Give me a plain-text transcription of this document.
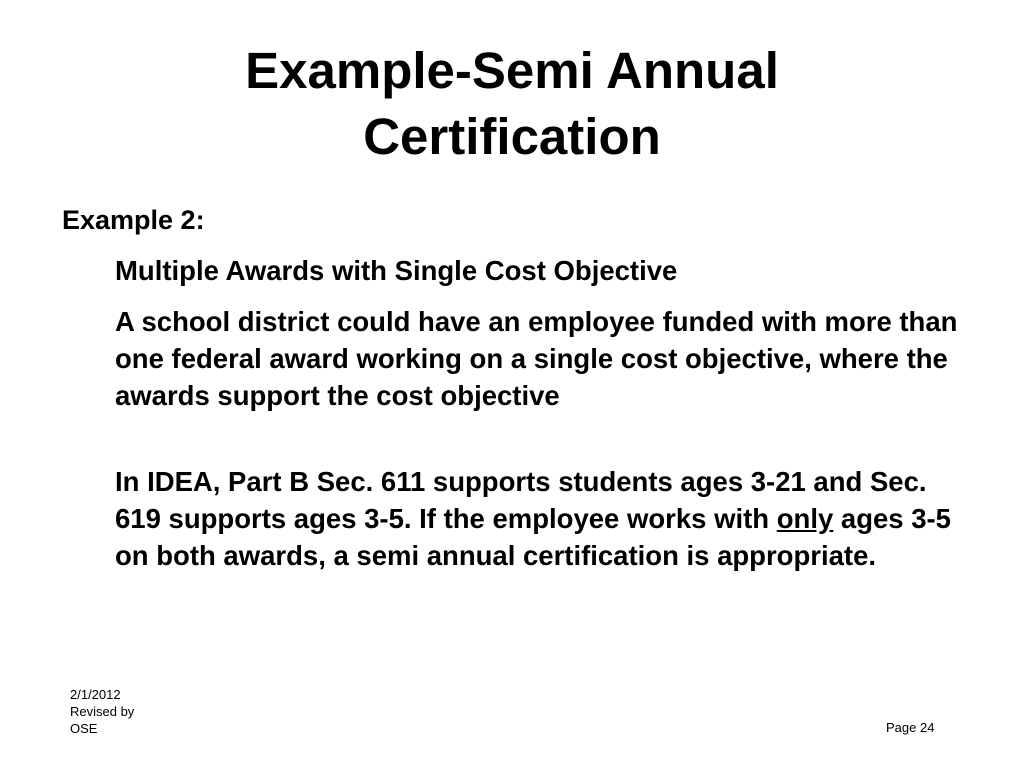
Example-Semi Annual
Certification
Example 2:
Multiple Awards with Single Cost Objective

A school district could have an employee funded with more than one federal award working on a single cost objective, where the awards support the cost objective

In IDEA, Part B Sec. 611 supports students ages 3-21 and Sec. 619 supports ages 3-5. If the employee works with only ages 3-5 on both awards, a semi annual certification is appropriate.

2/1/2012
Revised by
OSE	Page 24
